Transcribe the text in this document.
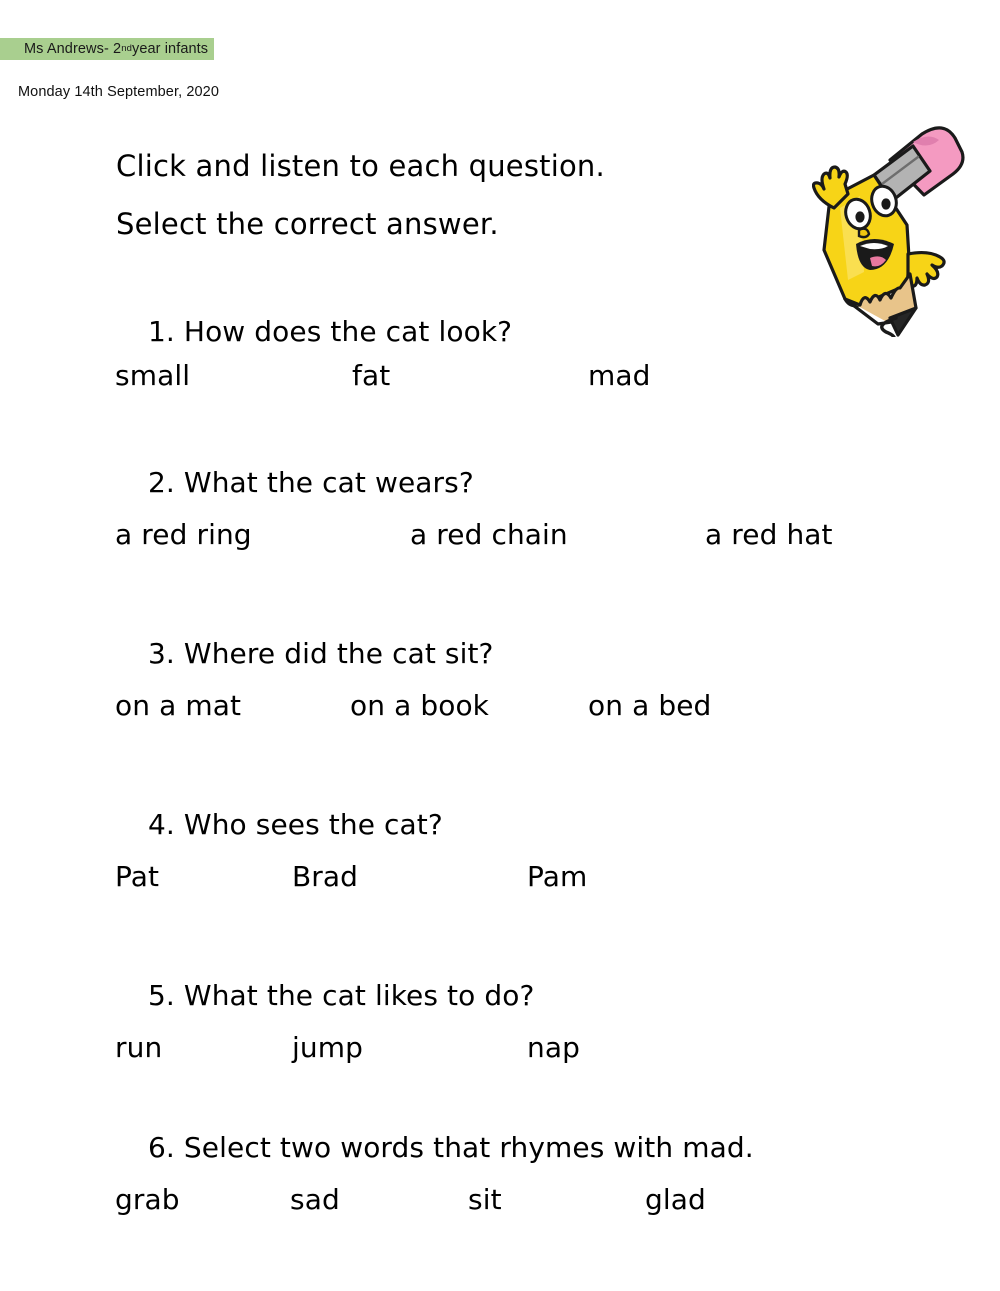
Ms Andrews- 2 nd year infants
Monday 14th September, 2020
Click and listen to each question.
Select the correct answer.
1. How does the cat look?
small	fat	mad
2. What the cat wears?
a red ring	a red chain	a red hat
3. Where did the cat sit?
on a mat	on a book	on a bed
4. Who sees the cat?
Pat	Brad	Pam
5. What the cat likes to do?
run	jump	nap
6. Select two words that rhymes with mad.
grab	sad	sit	glad
